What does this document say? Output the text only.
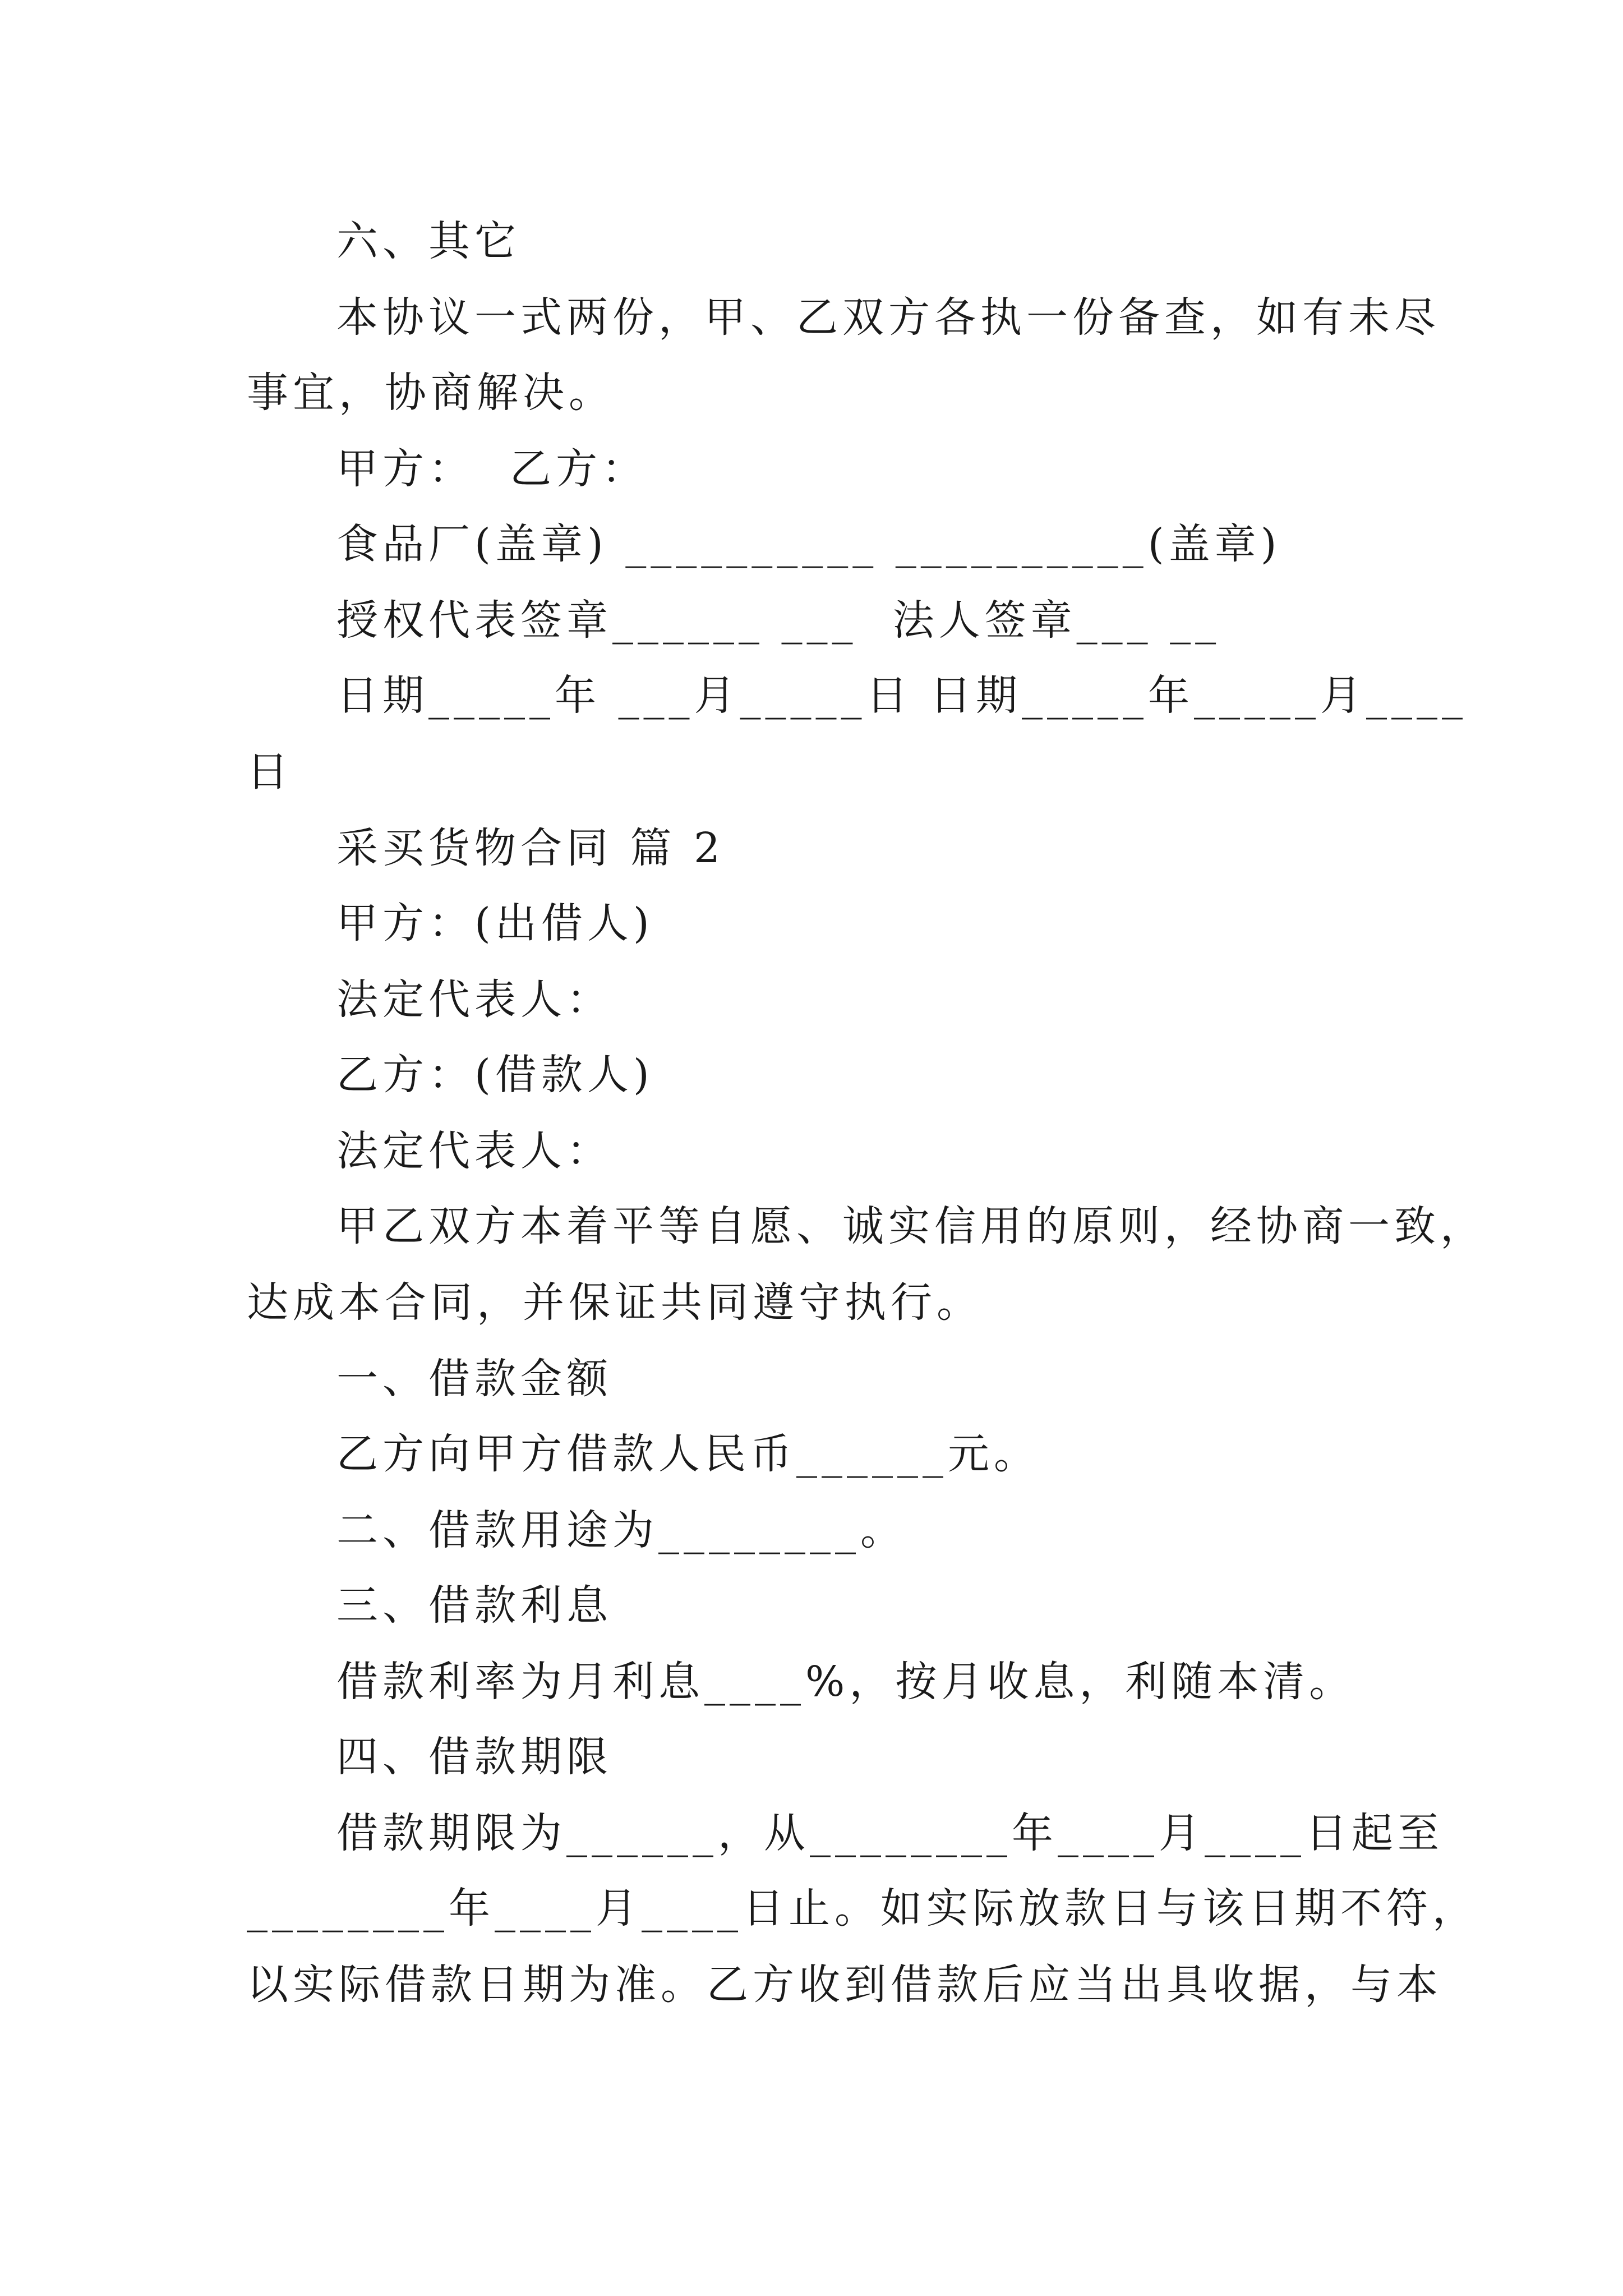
六、其它
本协议一式两份，甲、乙双方各执一份备查，如有未尽
事宜，协商解决。
甲方：  乙方：
食品厂(盖章) __________ __________(盖章)
授权代表签章______ ___  法人签章___ __
日期_____年 ___月_____日 日期_____年_____月____
日
采买货物合同 篇 2
甲方：(出借人)
法定代表人：
乙方：(借款人)
法定代表人：
甲乙双方本着平等自愿、诚实信用的原则，经协商一致，
达成本合同，并保证共同遵守执行。
一、借款金额
乙方向甲方借款人民币______元。
二、借款用途为________。
三、借款利息
借款利率为月利息____%，按月收息，利随本清。
四、借款期限
借款期限为______，从________年____月____日起至
________年____月____日止。如实际放款日与该日期不符，
以实际借款日期为准。乙方收到借款后应当出具收据，与本
